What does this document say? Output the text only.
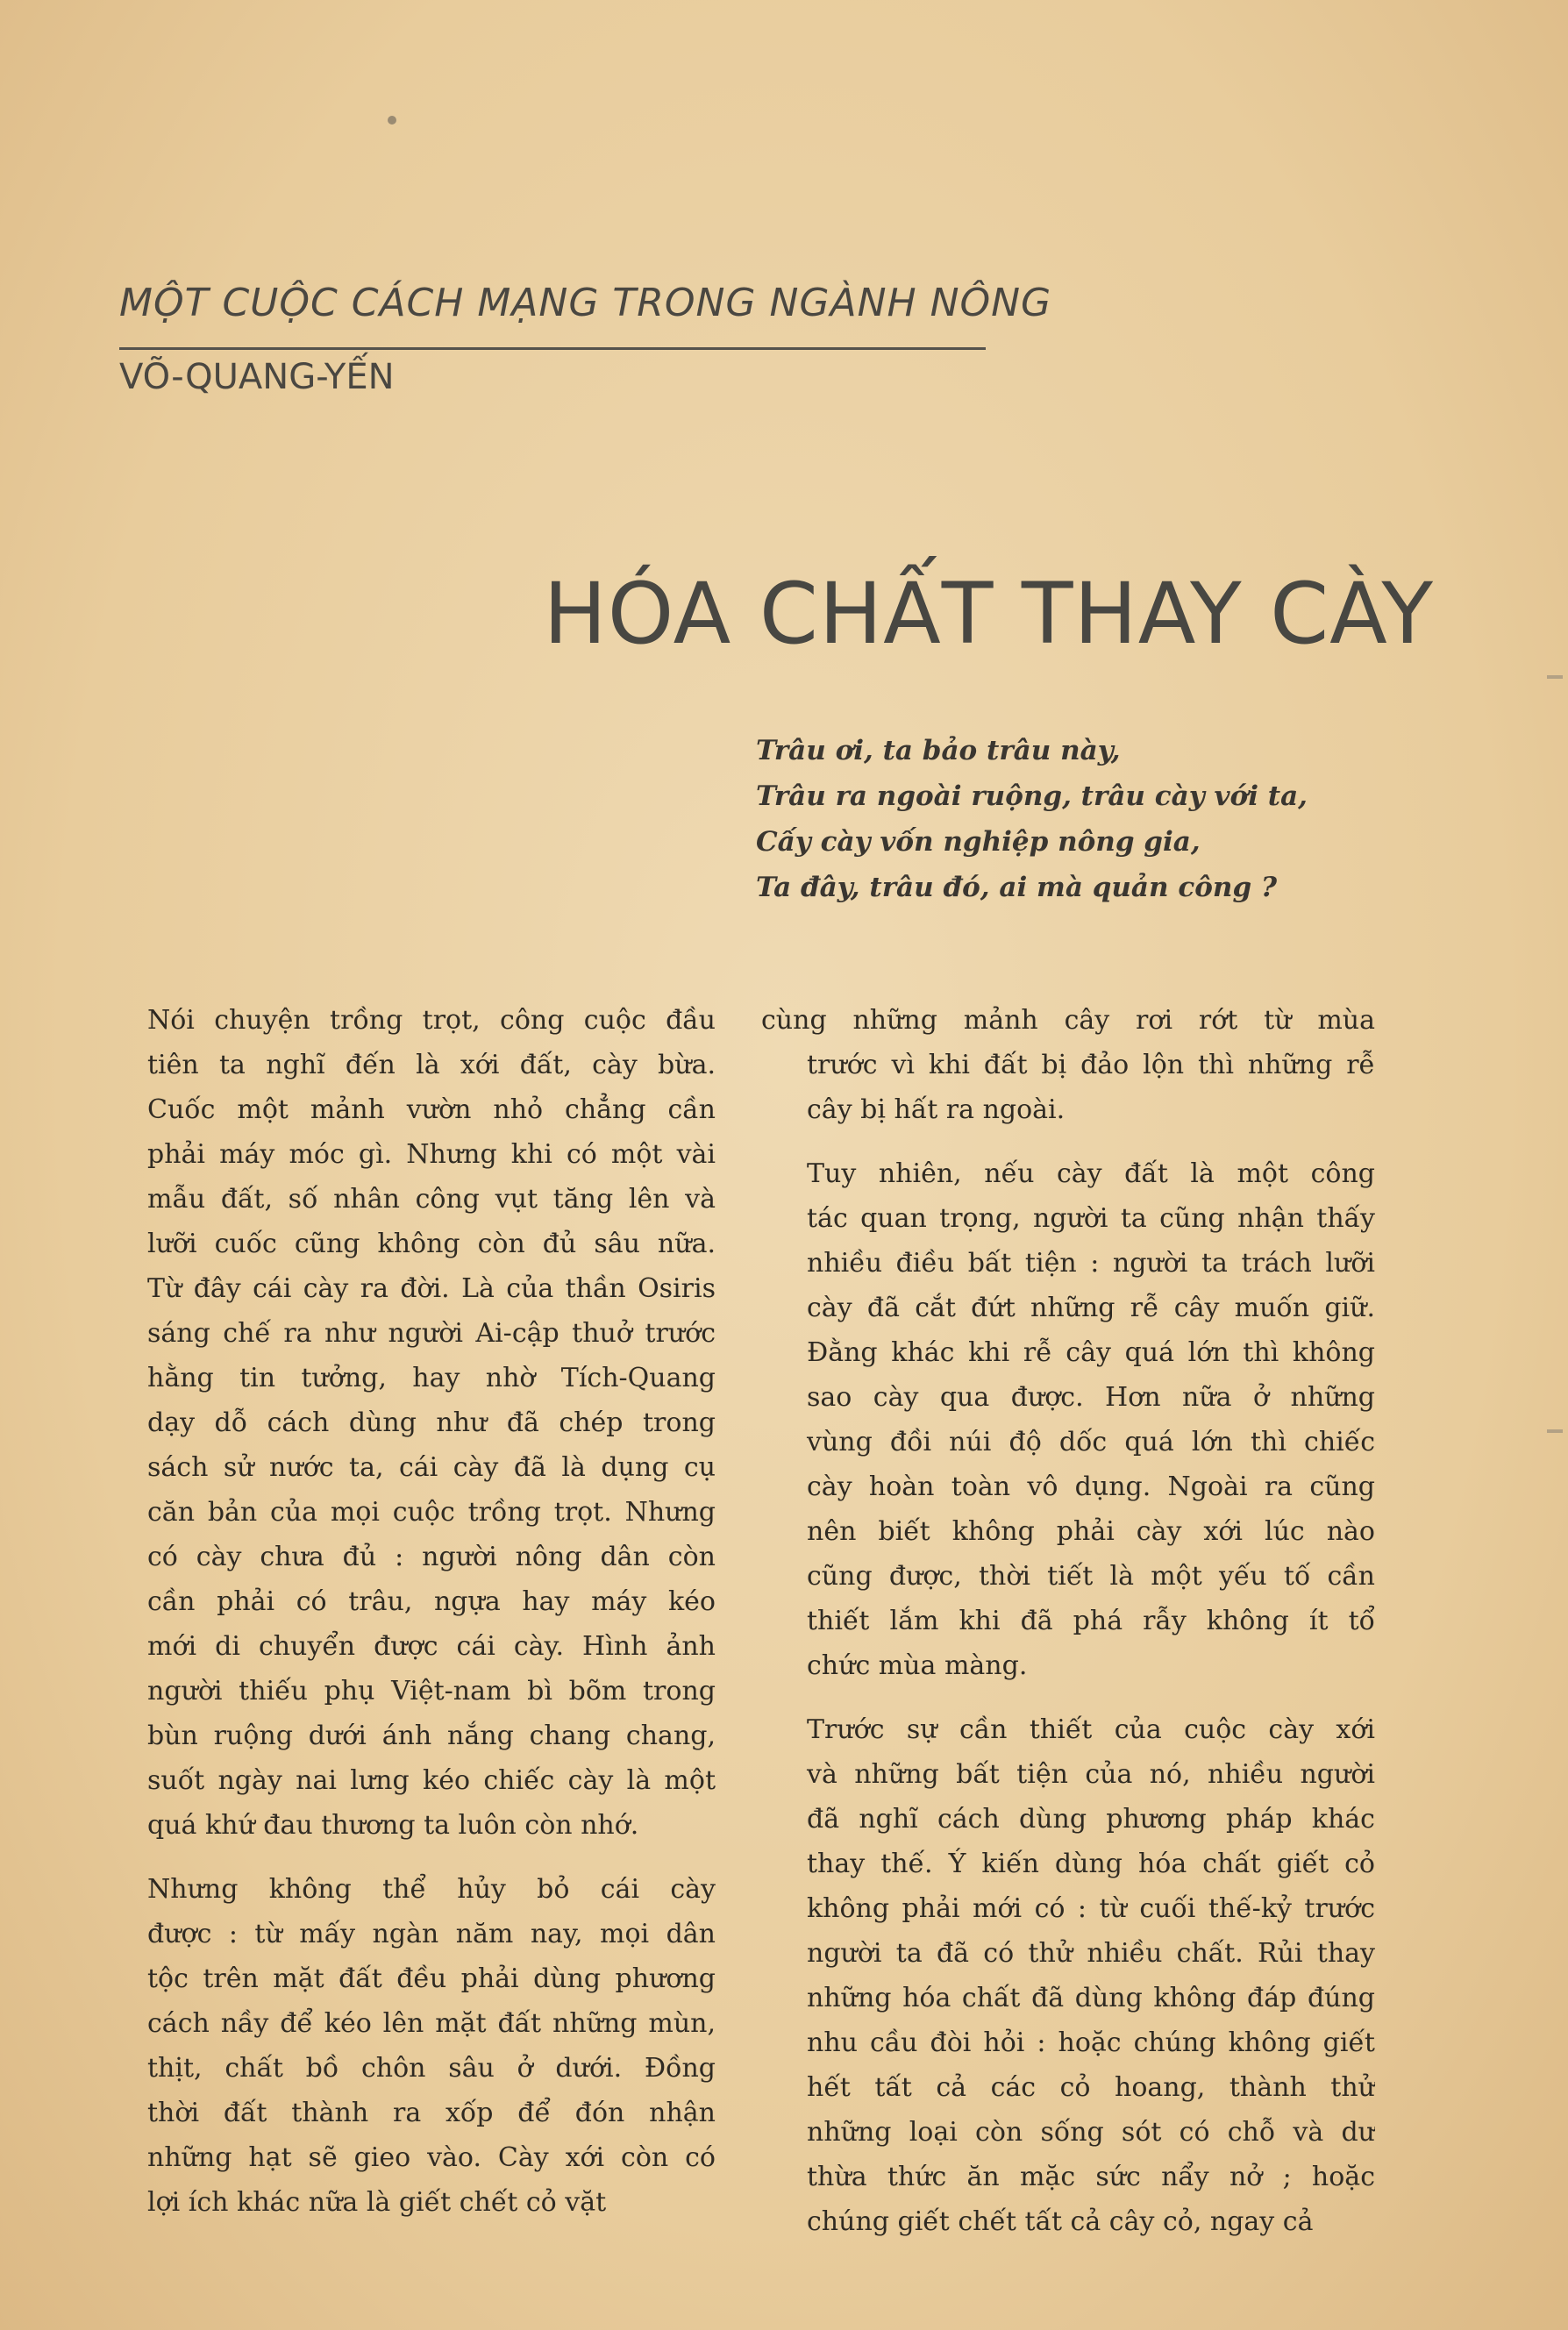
MỘT CUỘC CÁCH MẠNG TRONG NGÀNH NÔNG
VÕ-QUANG-YẾN
HÓA CHẤT THAY CÀY
Trâu ơi, ta bảo trâu này,
Trâu ra ngoài ruộng, trâu cày với ta,
Cấy cày vốn nghiệp nông gia,
Ta đây, trâu đó, ai mà quản công ?
Nói chuyện trồng trọt, công cuộc đầu
tiên ta nghĩ đến là xới đất, cày bừa.
Cuốc một mảnh vườn nhỏ chẳng cần
phải máy móc gì. Nhưng khi có một vài
mẫu đất, số nhân công vụt tăng lên và
lưỡi cuốc cũng không còn đủ sâu nữa.
Từ đây cái cày ra đời. Là của thần Osiris
sáng chế ra như người Ai-cập thuở trước
hằng tin tưởng, hay nhờ Tích-Quang
dạy dỗ cách dùng như đã chép trong
sách sử nước ta, cái cày đã là dụng cụ
căn bản của mọi cuộc trồng trọt. Nhưng
có cày chưa đủ : người nông dân còn
cần phải có trâu, ngựa hay máy kéo
mới di chuyển được cái cày. Hình ảnh
người thiếu phụ Việt-nam bì bõm trong
bùn ruộng dưới ánh nắng chang chang,
suốt ngày nai lưng kéo chiếc cày là một
quá khứ đau thương ta luôn còn nhớ.
Nhưng không thể hủy bỏ cái cày
được : từ mấy ngàn năm nay, mọi dân
tộc trên mặt đất đều phải dùng phương
cách nầy để kéo lên mặt đất những mùn,
thịt, chất bồ chôn sâu ở dưới. Đồng
thời đất thành ra xốp để đón nhận
những hạt sẽ gieo vào. Cày xới còn có
lợi ích khác nữa là giết chết cỏ vặt
cùng những mảnh cây rơi rớt từ mùa
trước vì khi đất bị đảo lộn thì những rễ
cây bị hất ra ngoài.
Tuy nhiên, nếu cày đất là một công
tác quan trọng, người ta cũng nhận thấy
nhiều điều bất tiện : người ta trách lưỡi
cày đã cắt đứt những rễ cây muốn giữ.
Đằng khác khi rễ cây quá lớn thì không
sao cày qua được. Hơn nữa ở những
vùng đồi núi độ dốc quá lớn thì chiếc
cày hoàn toàn vô dụng. Ngoài ra cũng
nên biết không phải cày xới lúc nào
cũng được, thời tiết là một yếu tố cần
thiết lắm khi đã phá rẫy không ít tổ
chức mùa màng.
Trước sự cần thiết của cuộc cày xới
và những bất tiện của nó, nhiều người
đã nghĩ cách dùng phương pháp khác
thay thế. Ý kiến dùng hóa chất giết cỏ
không phải mới có : từ cuối thế-kỷ trước
người ta đã có thử nhiều chất. Rủi thay
những hóa chất đã dùng không đáp đúng
nhu cầu đòi hỏi : hoặc chúng không giết
hết tất cả các cỏ hoang, thành thử
những loại còn sống sót có chỗ và dư
thừa thức ăn mặc sức nẩy nở ; hoặc
chúng giết chết tất cả cây cỏ, ngay cả
